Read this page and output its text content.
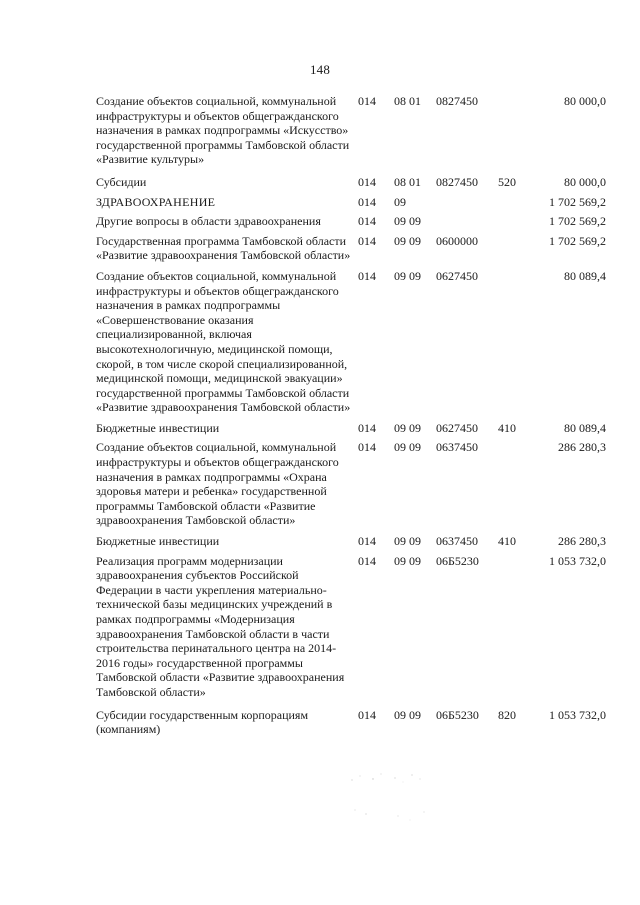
148
Создание объектов социальной, коммунальной инфраструктуры и объектов общегражданского назначения в рамках подпрограммы «Искусство» государственной программы Тамбовской области «Развитие культуры»	014	08 01	0827450		80 000,0
Субсидии	014	08 01	0827450	520	80 000,0
ЗДРАВООХРАНЕНИЕ	014	09			1 702 569,2
Другие вопросы в области здравоохранения	014	09 09			1 702 569,2
Государственная программа Тамбовской области «Развитие здравоохранения Тамбовской области»	014	09 09	0600000		1 702 569,2
Создание объектов социальной, коммунальной инфраструктуры и объектов общегражданского назначения в рамках подпрограммы «Совершенствование оказания специализированной, включая высокотехнологичную, медицинской помощи, скорой, в том числе скорой специализированной, медицинской помощи, медицинской эвакуации» государственной программы Тамбовской области «Развитие здравоохранения Тамбовской области»	014	09 09	0627450		80 089,4
Бюджетные инвестиции	014	09 09	0627450	410	80 089,4
Создание объектов социальной, коммунальной инфраструктуры и объектов общегражданского назначения в рамках подпрограммы «Охрана здоровья матери и ребенка» государственной программы Тамбовской области «Развитие здравоохранения Тамбовской области»	014	09 09	0637450		286 280,3
Бюджетные инвестиции	014	09 09	0637450	410	286 280,3
Реализация программ модернизации здравоохранения субъектов Российской Федерации в части укрепления материально-технической базы медицинских учреждений в рамках подпрограммы «Модернизация здравоохранения Тамбовской области в части строительства перинатального центра на 2014-2016 годы» государственной программы Тамбовской области «Развитие здравоохранения Тамбовской области»	014	09 09	06Б5230		1 053 732,0
Субсидии государственным корпорациям (компаниям)	014	09 09	06Б5230	820	1 053 732,0
